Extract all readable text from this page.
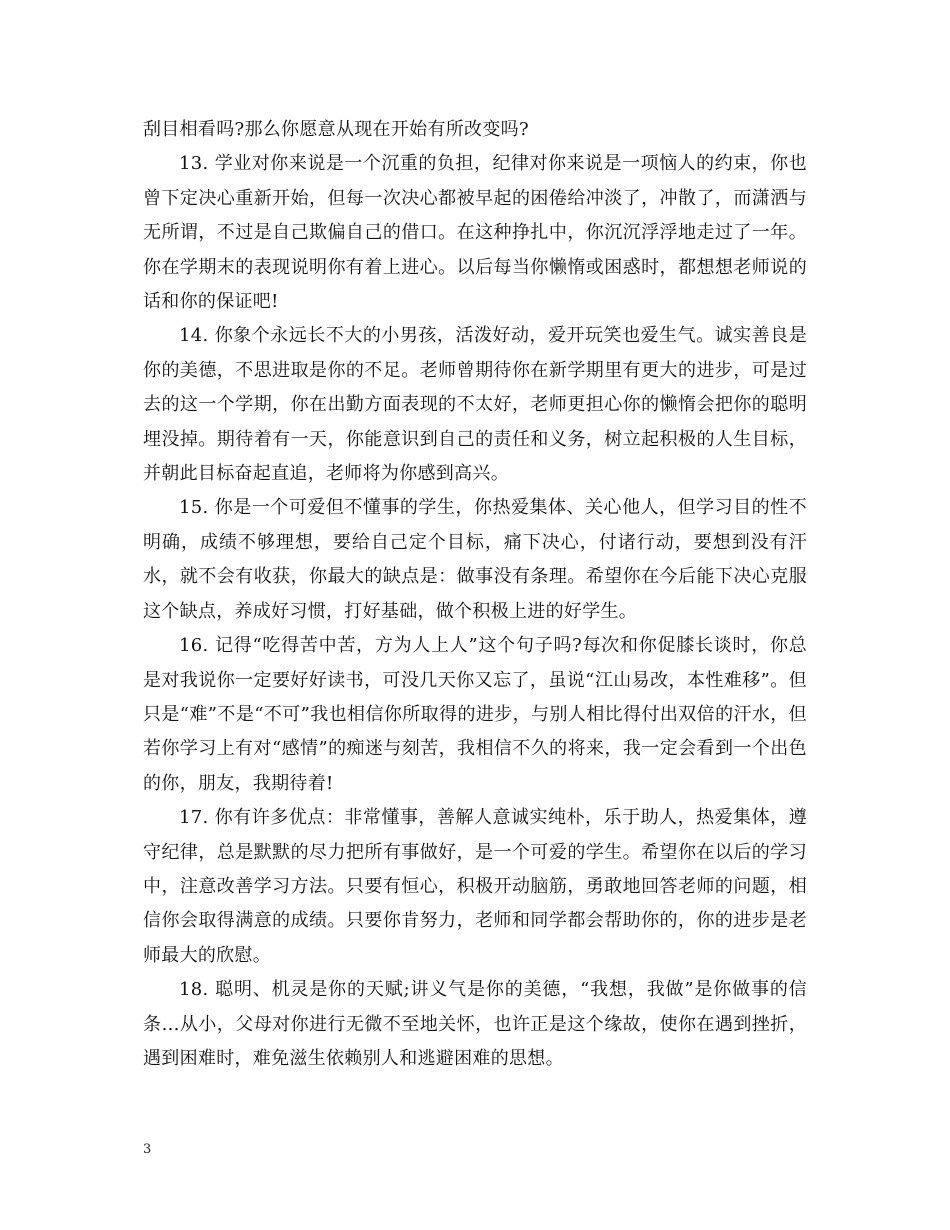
刮目相看吗?那么你愿意从现在开始有所改变吗?

13. 学业对你来说是一个沉重的负担，纪律对你来说是一项恼人的约束，你也曾下定决心重新开始，但每一次决心都被早起的困倦给冲淡了，冲散了，而潇洒与无所谓，不过是自己欺偏自己的借口。在这种挣扎中，你沉沉浮浮地走过了一年。你在学期末的表现说明你有着上进心。以后每当你懒惰或困惑时，都想想老师说的话和你的保证吧!

14. 你象个永远长不大的小男孩，活泼好动，爱开玩笑也爱生气。诚实善良是你的美德，不思进取是你的不足。老师曾期待你在新学期里有更大的进步，可是过去的这一个学期，你在出勤方面表现的不太好，老师更担心你的懒惰会把你的聪明埋没掉。期待着有一天，你能意识到自己的责任和义务，树立起积极的人生目标，并朝此目标奋起直追，老师将为你感到高兴。

15. 你是一个可爱但不懂事的学生，你热爱集体、关心他人，但学习目的性不明确，成绩不够理想，要给自己定个目标，痛下决心，付诸行动，要想到没有汗水，就不会有收获，你最大的缺点是：做事没有条理。希望你在今后能下决心克服这个缺点，养成好习惯，打好基础，做个积极上进的好学生。

16. 记得“吃得苦中苦，方为人上人”这个句子吗?每次和你促膝长谈时，你总是对我说你一定要好好读书，可没几天你又忘了，虽说“江山易改，本性难移”。但只是“难”不是“不可”我也相信你所取得的进步，与别人相比得付出双倍的汗水，但若你学习上有对“感情”的痴迷与刻苦，我相信不久的将来，我一定会看到一个出色的你，朋友，我期待着!

17. 你有许多优点：非常懂事，善解人意诚实纯朴，乐于助人，热爱集体，遵守纪律，总是默默的尽力把所有事做好，是一个可爱的学生。希望你在以后的学习中，注意改善学习方法。只要有恒心，积极开动脑筋，勇敢地回答老师的问题，相信你会取得满意的成绩。只要你肯努力，老师和同学都会帮助你的，你的进步是老师最大的欣慰。

18. 聪明、机灵是你的天赋;讲义气是你的美德，“我想，我做”是你做事的信条…从小，父母对你进行无微不至地关怀，也许正是这个缘故，使你在遇到挫折，遇到困难时，难免滋生依赖别人和逃避困难的思想。

3
